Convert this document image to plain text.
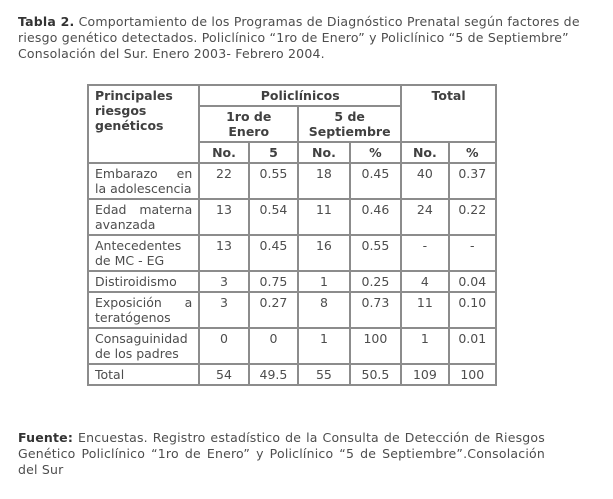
Tabla 2. Comportamiento de los Programas de Diagnóstico Prenatal según factores de riesgo genético detectados. Policlínico “1ro de Enero” y Policlínico “5 de Septiembre” Consolación del Sur. Enero 2003- Febrero 2004.
Principales riesgos genéticos	Policlínicos				Total	
	1ro de Enero		5 de Septiembre			
	No.	5	No.	%	No.	%
Embarazo en la adolescencia	22	0.55	18	0.45	40	0.37
Edad materna avanzada	13	0.54	11	0.46	24	0.22
Antecedentes de MC - EG	13	0.45	16	0.55	-	-
Distiroidismo	3	0.75	1	0.25	4	0.04
Exposición a teratógenos	3	0.27	8	0.73	11	0.10
Consaguinidad de los padres	0	0	1	100	1	0.01
Total	54	49.5	55	50.5	109	100
Fuente: Encuestas. Registro estadístico de la Consulta de Detección de Riesgos Genético Policlínico “1ro de Enero” y Policlínico “5 de Septiembre”.Consolación del Sur
